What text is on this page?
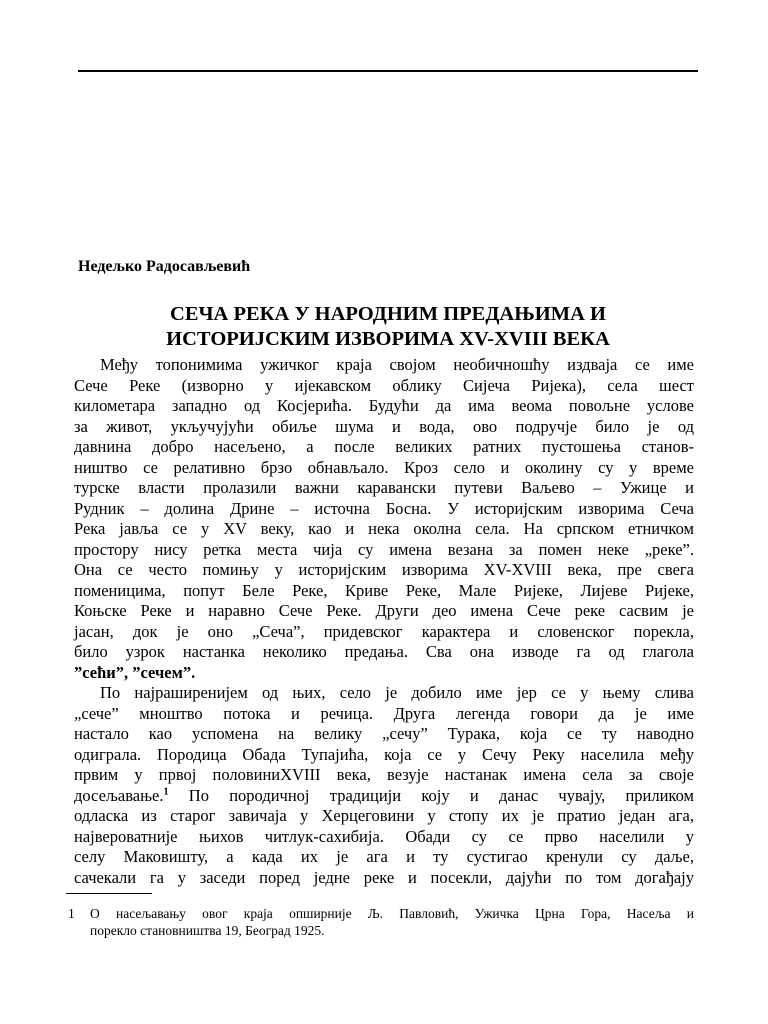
Недељко Радосављевић
СЕЧА РЕКА У НАРОДНИМ ПРЕДАЊИМА И
ИСТОРИЈСКИМ ИЗВОРИМА XV-XVIII ВЕКА
Међу топонимима ужичког краја својом необичношћу издваја се име
Сече Реке (изворно у ијекавском облику Сијеча Ријека), села шест
километара западно од Косјерића. Будући да има веома повољне услове
за живот, укључујући обиље шума и вода, ово подручје било је од
давнина добро насељено, а после великих ратних пустошења станов-
ништво се релативно брзо обнављало. Кроз село и околину су у време
турске власти пролазили важни каравански путеви Ваљево – Ужице и
Рудник – долина Дрине – источна Босна. У историјским изворима Сеча
Река јавља се у XV веку, као и нека околна села. На српском етничком
простору нису ретка места чија су имена везана за помен неке „реке”.
Она се често помињу у историјским изворима XV-XVIII века, пре свега
поменицима, попут Беле Реке, Криве Реке, Мале Ријеке, Лијеве Ријеке,
Коњске Реке и наравно Сече Реке. Други део имена Сече реке сасвим је
јасан, док је оно „Сеча”, придевског карактера и словенског порекла,
било узрок настанка неколико предања. Сва она изводе га од глагола
”сећи”, ”сечем”.
По најраширенијем од њих, село је добило име јер се у њему слива
„сече” мноштво потока и речица. Друга легенда говори да је име
настало као успомена на велику „сечу” Турака, која се ту наводно
одиграла. Породица Обада Тупајића, која се у Сечу Реку населила међу
првим у првој половиниXVIII века, везује настанак имена села за своје
досељавање.$^1$ По породичној традицији коју и данас чувају, приликом
одласка из старог завичаја у Херцеговини у стопу их је пратио један ага,
највероватније њихов читлук-сахибија. Обади су се прво населили у
селу Маковишту, а када их је ага и ту сустигао кренули су даље,
сачекали га у заседи поред једне реке и посекли, дајући по том догађају
1 О насељавању овог краја опширније Љ. Павловић, Ужичка Црна Гора, Насеља и
порекло становништва 19, Београд 1925.
